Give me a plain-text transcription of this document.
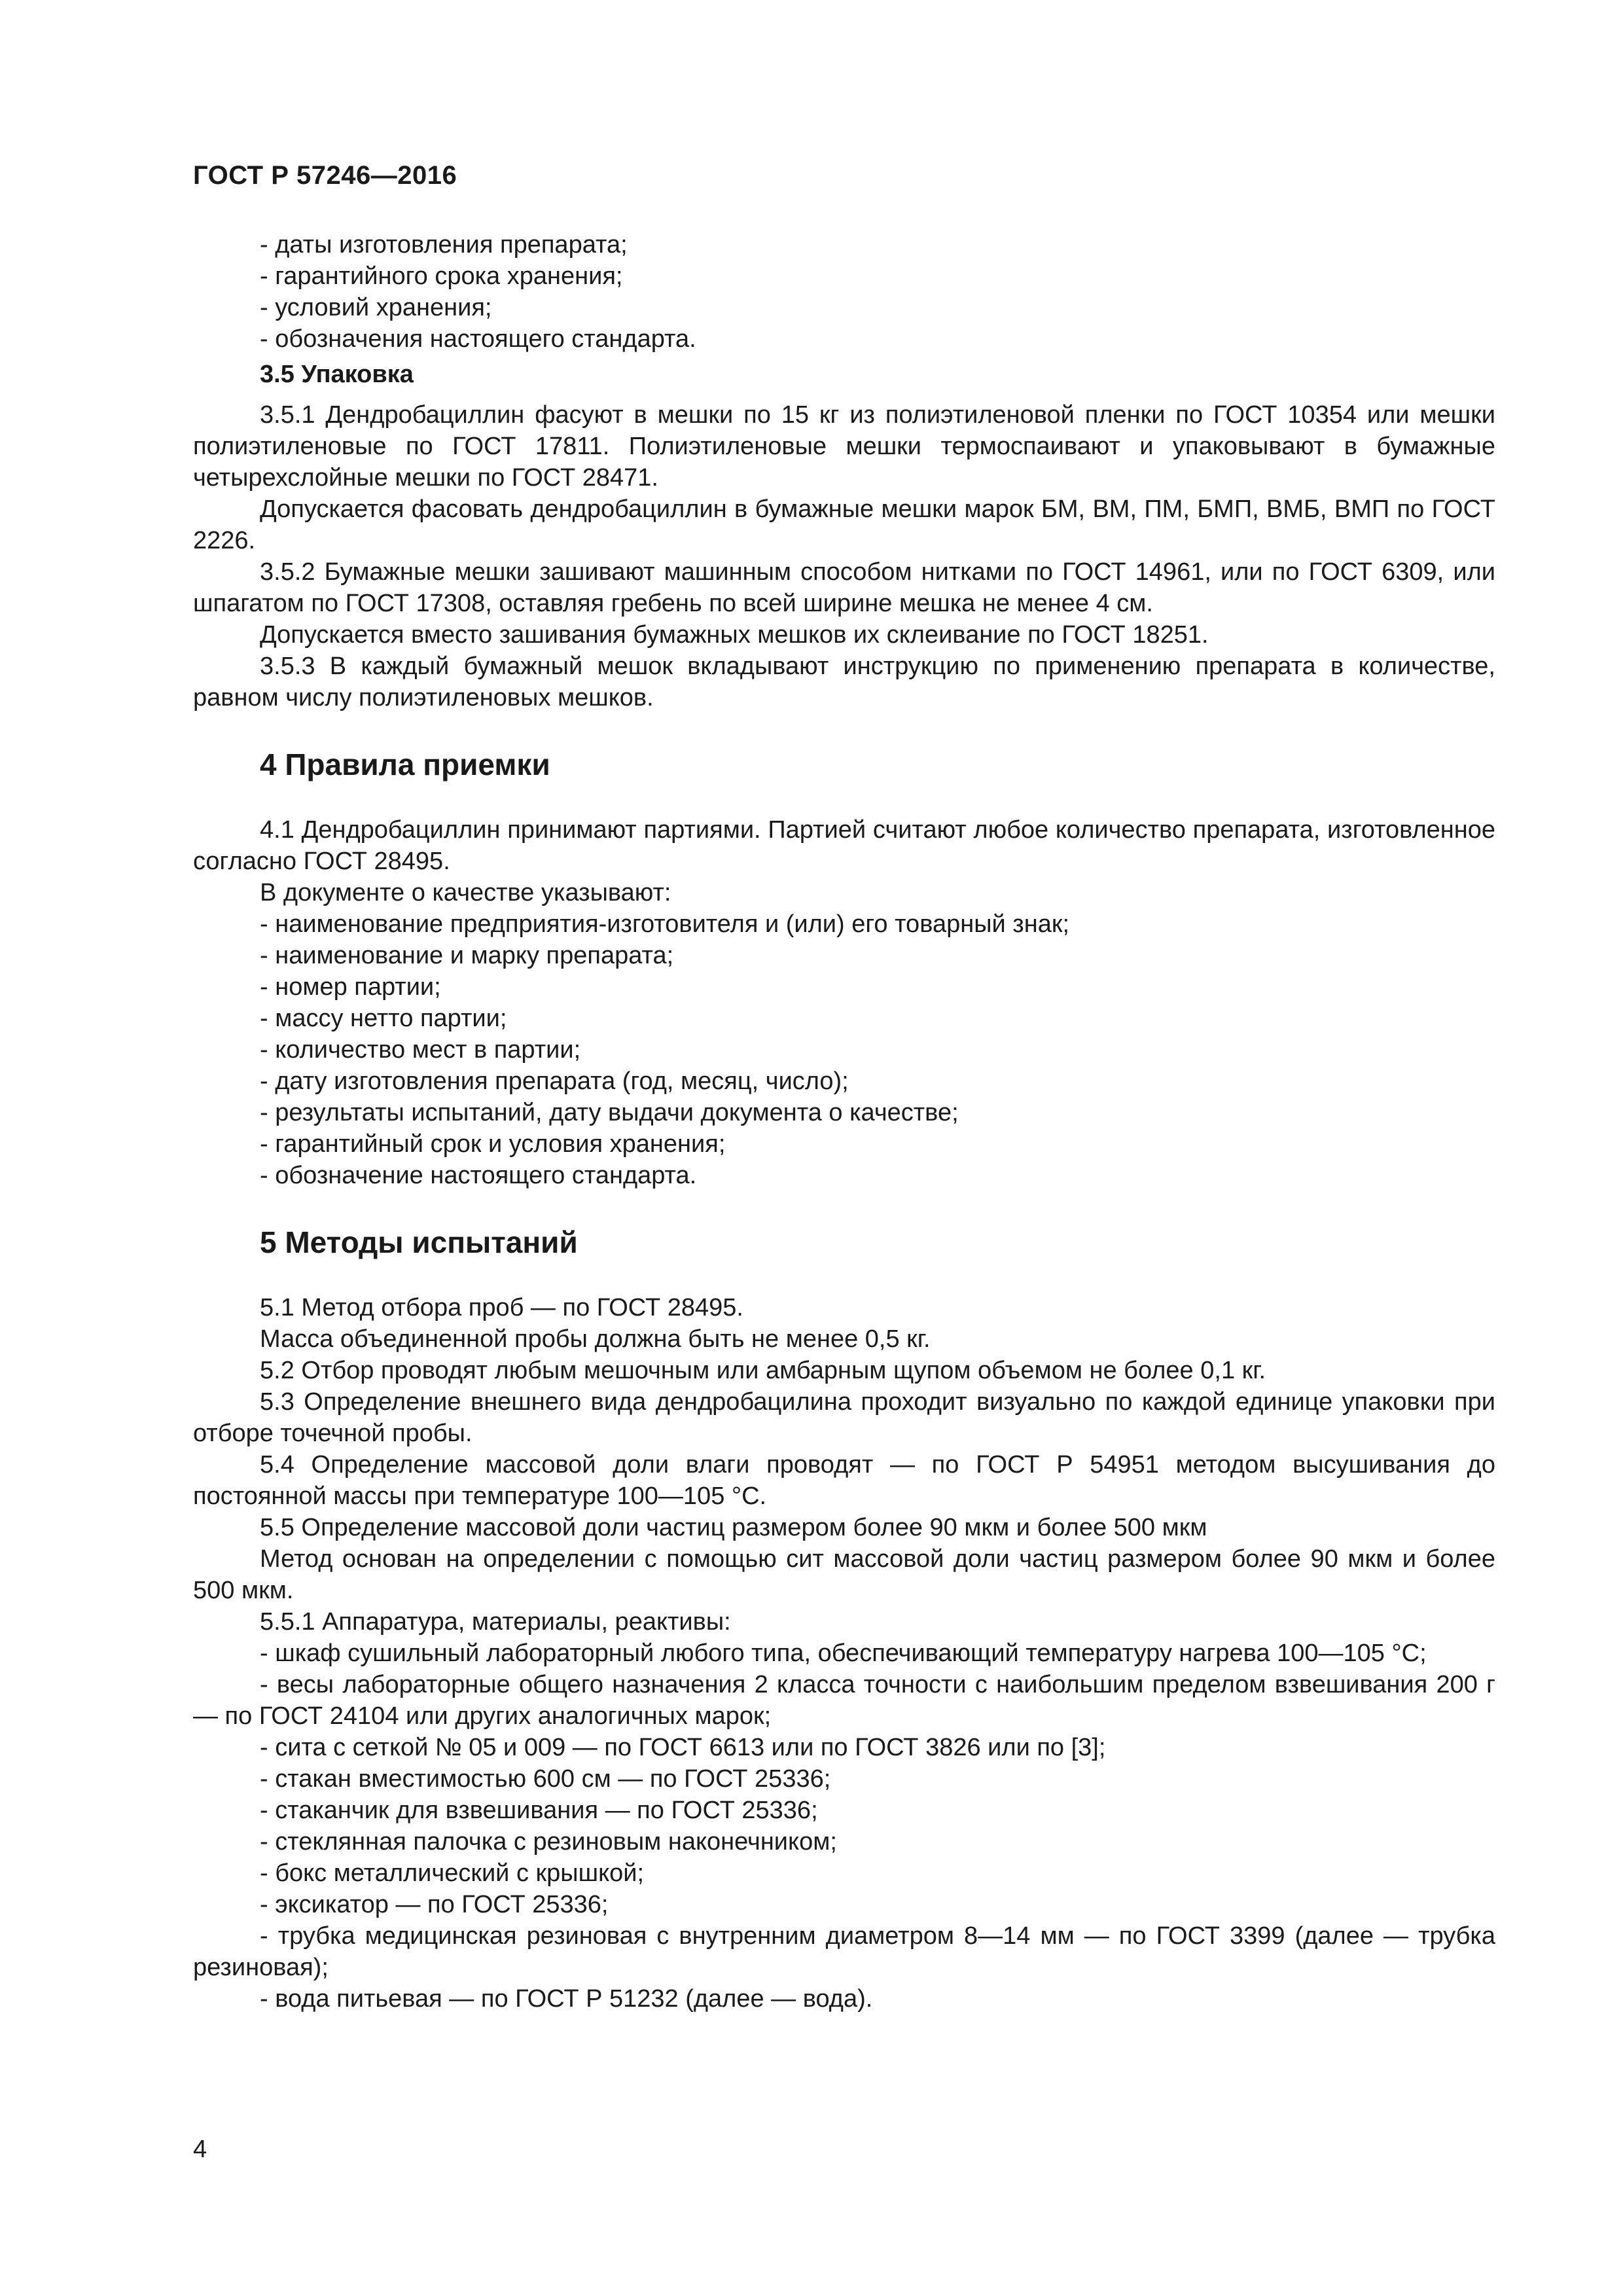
ГОСТ Р 57246—2016

- даты изготовления препарата;

- гарантийного срока хранения;

- условий хранения;

- обозначения настоящего стандарта.

3.5 Упаковка

3.5.1 Дендробациллин фасуют в мешки по 15 кг из полиэтиленовой пленки по ГОСТ 10354 или мешки полиэтиленовые по ГОСТ 17811. Полиэтиленовые мешки термоспаивают и упаковывают в бумажные четырехслойные мешки по ГОСТ 28471.

Допускается фасовать дендробациллин в бумажные мешки марок БМ, ВМ, ПМ, БМП, ВМБ, ВМП по ГОСТ 2226.

3.5.2 Бумажные мешки зашивают машинным способом нитками по ГОСТ 14961, или по ГОСТ 6309, или шпагатом по ГОСТ 17308, оставляя гребень по всей ширине мешка не менее 4 см.

Допускается вместо зашивания бумажных мешков их склеивание по ГОСТ 18251.

3.5.3 В каждый бумажный мешок вкладывают инструкцию по применению препарата в количестве, равном числу полиэтиленовых мешков.

4 Правила приемки

4.1 Дендробациллин принимают партиями. Партией считают любое количество препарата, изготовленное согласно ГОСТ 28495.

В документе о качестве указывают:

- наименование предприятия-изготовителя и (или) его товарный знак;

- наименование и марку препарата;

- номер партии;

- массу нетто партии;

- количество мест в партии;

- дату изготовления препарата (год, месяц, число);

- результаты испытаний, дату выдачи документа о качестве;

- гарантийный срок и условия хранения;

- обозначение настоящего стандарта.

5 Методы испытаний

5.1 Метод отбора проб — по ГОСТ 28495.

Масса объединенной пробы должна быть не менее 0,5 кг.

5.2 Отбор проводят любым мешочным или амбарным щупом объемом не более 0,1 кг.

5.3 Определение внешнего вида дендробацилина проходит визуально по каждой единице упаковки при отборе точечной пробы.

5.4 Определение массовой доли влаги проводят — по ГОСТ Р 54951 методом высушивания до постоянной массы при температуре 100—105 °С.

5.5 Определение массовой доли частиц размером более 90 мкм и более 500 мкм

Метод основан на определении с помощью сит массовой доли частиц размером более 90 мкм и более 500 мкм.

5.5.1 Аппаратура, материалы, реактивы:

- шкаф сушильный лабораторный любого типа, обеспечивающий температуру нагрева 100—105 °С;

- весы лабораторные общего назначения 2 класса точности с наибольшим пределом взвешивания 200 г — по ГОСТ 24104 или других аналогичных марок;

- сита с сеткой № 05 и 009 — по ГОСТ 6613 или по ГОСТ 3826 или по [3];

- стакан вместимостью 600 см — по ГОСТ 25336;

- стаканчик для взвешивания — по ГОСТ 25336;

- стеклянная палочка с резиновым наконечником;

- бокс металлический с крышкой;

- эксикатор — по ГОСТ 25336;

- трубка медицинская резиновая с внутренним диаметром 8—14 мм — по ГОСТ 3399 (далее — трубка резиновая);

- вода питьевая — по ГОСТ Р 51232 (далее — вода).

4
